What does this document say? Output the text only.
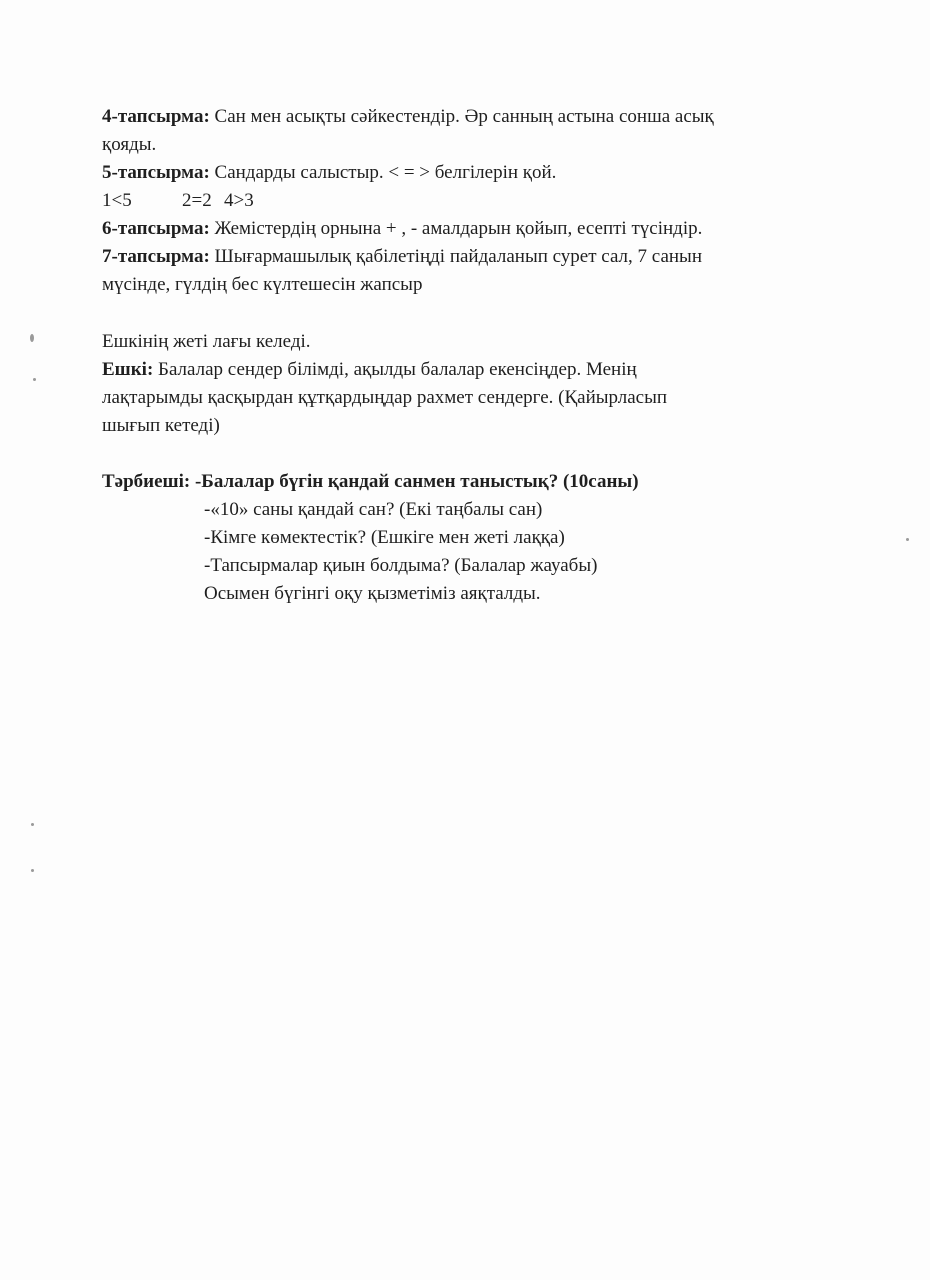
4-тапсырма: Сан мен асықты сәйкестендір. Әр санның астына сонша асық
қояды.
5-тапсырма: Сандарды салыстыр. < = > белгілерін қой.
1<5	2=2 4>3
6-тапсырма: Жемістердің орнына + , - амалдарын қойып, есепті түсіндір.
7-тапсырма: Шығармашылық қабілетіңді пайдаланып сурет сал, 7 санын
мүсінде, гүлдің бес күлтешесін жапсыр
Ешкінің жеті лағы келеді.
Ешкі: Балалар сендер білімді, ақылды балалар екенсіңдер. Менің
лақтарымды қасқырдан құтқардыңдар рахмет сендерге. (Қайырласып
шығып кетеді)
Тәрбиеші: -Балалар бүгін қандай санмен таныстық? (10саны)
-«10» саны қандай сан? (Екі таңбалы сан)
-Кімге көмектестік? (Ешкіге мен жеті лаққа)
-Тапсырмалар қиын болдыма? (Балалар жауабы)
Осымен бүгінгі оқу қызметіміз аяқталды.
